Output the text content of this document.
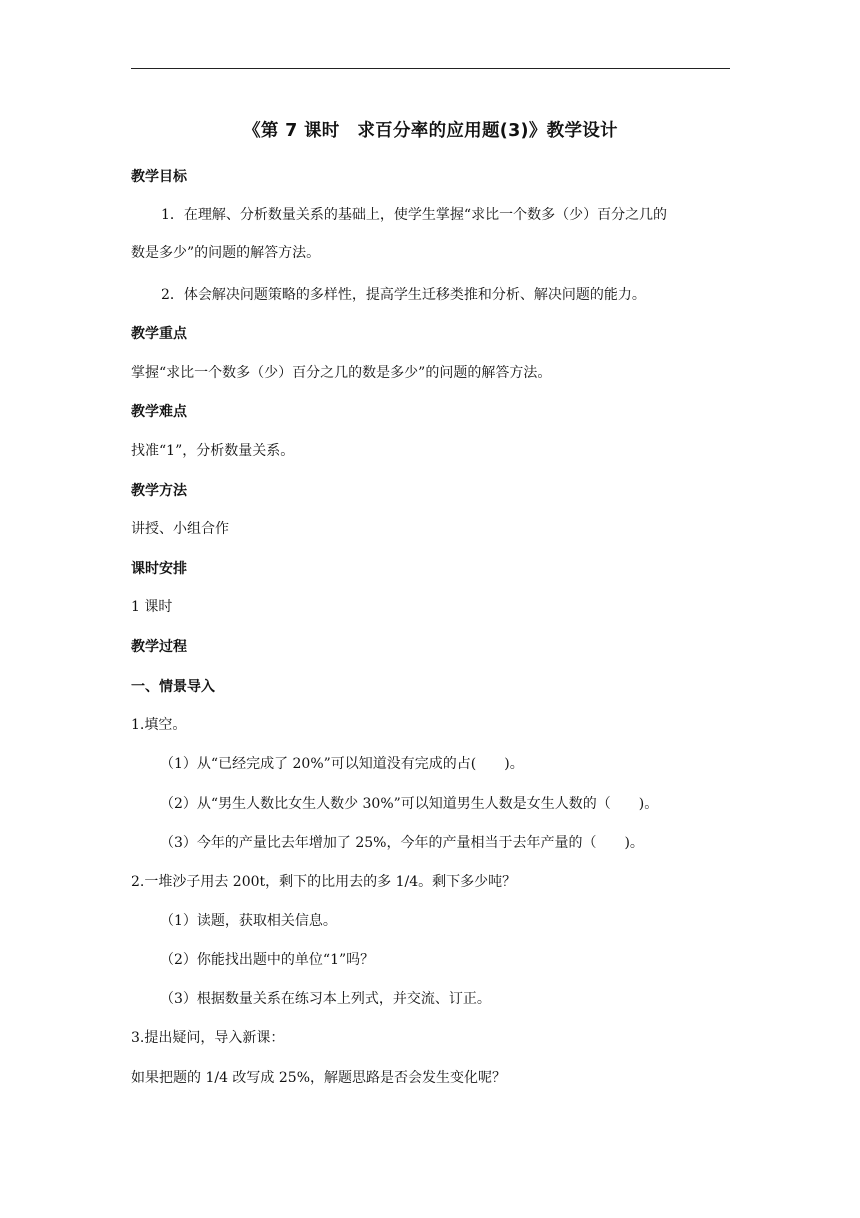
《第 7 课时　求百分率的应用题(3)》教学设计
教学目标
1．在理解、分析数量关系的基础上，使学生掌握“求比一个数多（少）百分之几的
数是多少”的问题的解答方法。
2．体会解决问题策略的多样性，提高学生迁移类推和分析、解决问题的能力。
教学重点
掌握“求比一个数多（少）百分之几的数是多少”的问题的解答方法。
教学难点
找准“1”，分析数量关系。
教学方法
讲授、小组合作
课时安排
1 课时
教学过程
一、情景导入
1.填空。
（1）从“已经完成了 20%”可以知道没有完成的占(　　)。
（2）从“男生人数比女生人数少 30%”可以知道男生人数是女生人数的（　　)。
（3）今年的产量比去年增加了 25%，今年的产量相当于去年产量的（　　)。
2.一堆沙子用去 200t，剩下的比用去的多 1/4。剩下多少吨？
（1）读题，获取相关信息。
（2）你能找出题中的单位“1”吗？
（3）根据数量关系在练习本上列式，并交流、订正。
3.提出疑问，导入新课：
如果把题的 1/4 改写成 25%，解题思路是否会发生变化呢？
